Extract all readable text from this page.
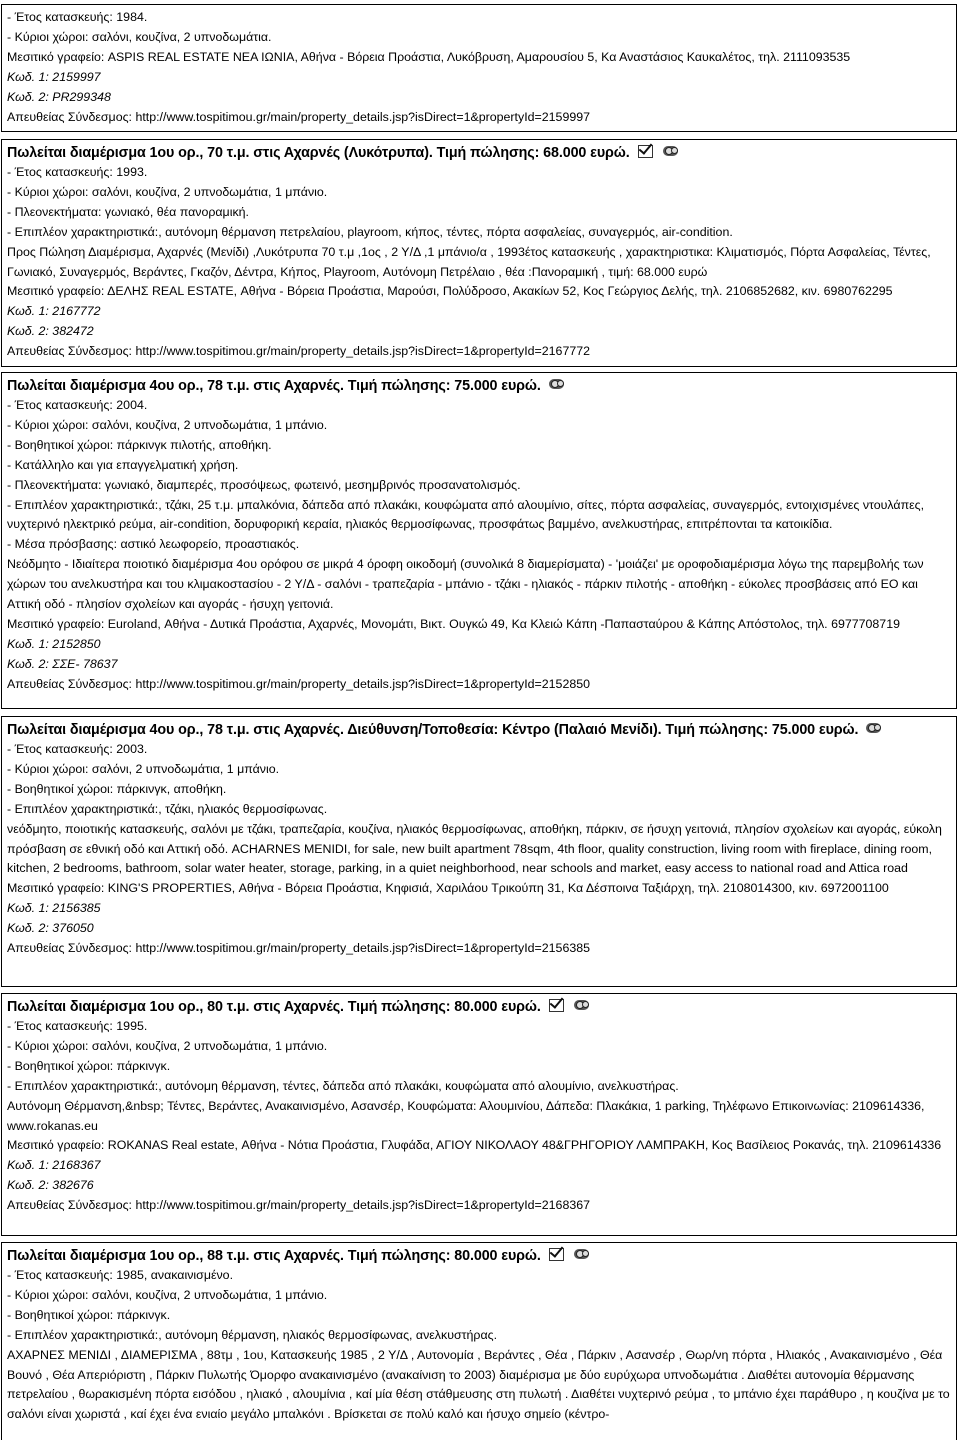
- Έτος κατασκευής: 1984.
- Κύριοι χώροι: σαλόνι, κουζίνα, 2 υπνοδωμάτια.
Μεσιτικό γραφείο: ASPIS REAL ESTATE ΝΕΑ ΙΩΝΙΑ, Αθήνα - Βόρεια Προάστια, Λυκόβρυση, Αμαρουσίου 5, Κα Αναστάσιος Καυκαλέτος, τηλ. 2111093535
Κωδ. 1: 2159997
Κωδ. 2: PR299348
Απευθείας Σύνδεσμος: http://www.tospitimou.gr/main/property_details.jsp?isDirect=1&propertyId=2159997
Πωλείται διαμέρισμα 1ου ορ., 70 τ.μ. στις Αχαρνές (Λυκότρυπα). Τιμή πώλησης: 68.000 ευρώ.
- Έτος κατασκευής: 1993.
- Κύριοι χώροι: σαλόνι, κουζίνα, 2 υπνοδωμάτια, 1 μπάνιο.
- Πλεονεκτήματα: γωνιακό, θέα πανοραμική.
- Επιπλέον χαρακτηριστικά:, αυτόνομη θέρμανση πετρελαίου, playroom, κήπος, τέντες, πόρτα ασφαλείας, συναγερμός, air-condition.
Προς Πώληση Διαμέρισμα, Αχαρνές (Μενίδι) ,Λυκότρυπα 70 τ.μ ,1ος , 2 Υ/Δ ,1 μπάνιο/α , 1993έτος κατασκευής , χαρακτηριστικα: Κλιματισμός, Πόρτα Ασφαλείας, Τέντες, Γωνιακό, Συναγερμός, Βεράντες, Γκαζόν, Δέντρα, Κήπος, Playroom, Αυτόνομη Πετρέλαιο , θέα :Πανοραμική , τιμή: 68.000 ευρώ
Μεσιτικό γραφείο: ΔΕΛΗΣ REAL ESTATE, Αθήνα - Βόρεια Προάστια, Μαρούσι, Πολύδροσο, Ακακίων 52, Κος Γεώργιος Δελής, τηλ. 2106852682, κιν. 6980762295
Κωδ. 1: 2167772
Κωδ. 2: 382472
Απευθείας Σύνδεσμος: http://www.tospitimou.gr/main/property_details.jsp?isDirect=1&propertyId=2167772
Πωλείται διαμέρισμα 4ου ορ., 78 τ.μ. στις Αχαρνές. Τιμή πώλησης: 75.000 ευρώ.
- Έτος κατασκευής: 2004.
- Κύριοι χώροι: σαλόνι, κουζίνα, 2 υπνοδωμάτια, 1 μπάνιο.
- Βοηθητικοί χώροι: πάρκινγκ πιλοτής, αποθήκη.
- Κατάλληλο και για επαγγελματική χρήση.
- Πλεονεκτήματα: γωνιακό, διαμπερές, προσόψεως, φωτεινό, μεσημβρινός προσανατολισμός.
- Επιπλέον χαρακτηριστικά:, τζάκι, 25 τ.μ. μπαλκόνια, δάπεδα από πλακάκι, κουφώματα από αλουμίνιο, σίτες, πόρτα ασφαλείας, συναγερμός, εντοιχισμένες ντουλάπες, νυχτερινό ηλεκτρικό ρεύμα, air-condition, δορυφορική κεραία, ηλιακός θερμοσίφωνας, προσφάτως βαμμένο, ανελκυστήρας, επιτρέπονται τα κατοικίδια.
- Μέσα πρόσβασης: αστικό λεωφορείο, προαστιακός.
Νεόδμητο - Ιδιαίτερα ποιοτικό διαμέρισμα 4ου ορόφου σε μικρά 4 όροφη οικοδομή (συνολικά 8 διαμερίσματα) - 'μοιάζει' με οροφοδιαμέρισμα λόγω της παρεμβολής των χώρων του ανελκυστήρα και του κλιμακοστασίου - 2 Υ/Δ - σαλόνι - τραπεζαρία - μπάνιο - τζάκι - ηλιακός - πάρκιν πιλοτής - αποθήκη - εύκολες προσβάσεις από ΕΟ και Αττική οδό - πλησίον σχολείων και αγοράς - ήσυχη γειτονιά.
Μεσιτικό γραφείο: Euroland, Αθήνα - Δυτικά Προάστια, Αχαρνές, Μονομάτι, Βικτ. Ουγκώ 49, Κα Κλειώ Κάπη -Παπασταύρου & Κάπης Απόστολος, τηλ. 6977708719
Κωδ. 1: 2152850
Κωδ. 2: ΣΣΕ- 78637
Απευθείας Σύνδεσμος: http://www.tospitimou.gr/main/property_details.jsp?isDirect=1&propertyId=2152850
Πωλείται διαμέρισμα 4ου ορ., 78 τ.μ. στις Αχαρνές. Διεύθυνση/Τοποθεσία: Κέντρο (Παλαιό Μενίδι). Τιμή πώλησης: 75.000 ευρώ.
- Έτος κατασκευής: 2003.
- Κύριοι χώροι: σαλόνι, 2 υπνοδωμάτια, 1 μπάνιο.
- Βοηθητικοί χώροι: πάρκινγκ, αποθήκη.
- Επιπλέον χαρακτηριστικά:, τζάκι, ηλιακός θερμοσίφωνας.
νεόδμητο, ποιοτικής κατασκευής, σαλόνι με τζάκι, τραπεζαρία, κουζίνα, ηλιακός θερμοσίφωνας, αποθήκη, πάρκιν, σε ήσυχη γειτονιά, πλησίον σχολείων και αγοράς, εύκολη πρόσβαση σε εθνική οδό και Αττική οδό. ACHARNES MENIDI, for sale, new built apartment 78sqm, 4th floor, quality construction, living room with fireplace, dining room, kitchen, 2 bedrooms, bathroom, solar water heater, storage, parking, in a quiet neighborhood, near schools and market, easy access to national road and Attica road
Μεσιτικό γραφείο: KING'S PROPERTIES, Αθήνα - Βόρεια Προάστια, Κηφισιά, Χαριλάου Τρικούπη 31, Κα Δέσποινα Ταξιάρχη, τηλ. 2108014300, κιν. 6972001100
Κωδ. 1: 2156385
Κωδ. 2: 376050
Απευθείας Σύνδεσμος: http://www.tospitimou.gr/main/property_details.jsp?isDirect=1&propertyId=2156385
Πωλείται διαμέρισμα 1ου ορ., 80 τ.μ. στις Αχαρνές. Τιμή πώλησης: 80.000 ευρώ.
- Έτος κατασκευής: 1995.
- Κύριοι χώροι: σαλόνι, κουζίνα, 2 υπνοδωμάτια, 1 μπάνιο.
- Βοηθητικοί χώροι: πάρκινγκ.
- Επιπλέον χαρακτηριστικά:, αυτόνομη θέρμανση, τέντες, δάπεδα από πλακάκι, κουφώματα από αλουμίνιο, ανελκυστήρας.
Αυτόνομη Θέρμανση,&nbsp; Τέντες, Βεράντες, Ανακαινισμένο, Ασανσέρ, Κουφώματα: Αλουμινίου, Δάπεδα: Πλακάκια, 1 parking, Τηλέφωνο Επικοινωνίας: 2109614336, www.rokanas.eu
Μεσιτικό γραφείο: ROKANAS Real estate, Αθήνα - Νότια Προάστια, Γλυφάδα, ΑΓΙΟΥ ΝΙΚΟΛΑΟΥ 48&ΓΡΗΓΟΡΙΟΥ ΛΑΜΠΡΑΚΗ, Κος Βασίλειος Ροκανάς, τηλ. 2109614336
Κωδ. 1: 2168367
Κωδ. 2: 382676
Απευθείας Σύνδεσμος: http://www.tospitimou.gr/main/property_details.jsp?isDirect=1&propertyId=2168367
Πωλείται διαμέρισμα 1ου ορ., 88 τ.μ. στις Αχαρνές. Τιμή πώλησης: 80.000 ευρώ.
- Έτος κατασκευής: 1985, ανακαινισμένο.
- Κύριοι χώροι: σαλόνι, κουζίνα, 2 υπνοδωμάτια, 1 μπάνιο.
- Βοηθητικοί χώροι: πάρκινγκ.
- Επιπλέον χαρακτηριστικά:, αυτόνομη θέρμανση, ηλιακός θερμοσίφωνας, ανελκυστήρας.
ΑΧΑΡΝΕΣ ΜΕΝΙΔΙ , ΔΙΑΜΕΡΙΣΜΑ , 88τμ , 1ου, Κατασκευής 1985 , 2 Υ/Δ , Αυτονομία , Βεράντες , Θέα , Πάρκιν , Ασανσέρ , Θωρ/νη πόρτα , Ηλιακός , Ανακαινισμένο , Θέα Βουνό , Θέα Απεριόριστη , Πάρκιν Πυλωτής Όμορφο ανακαινισμένο (ανακαίνιση το 2003) διαμέρισμα με δύο ευρύχωρα υπνοδωμάτια . Διαθέτει αυτονομία θέρμανσης πετρελαίου , θωρακισμένη πόρτα εισόδου , ηλιακό , αλουμίνια , καί μία θέση στάθμευσης στη πυλωτή . Διαθέτει νυχτερινό ρεύμα , το μπάνιο έχει παράθυρο , η κουζίνα με το σαλόνι είναι χωριστά , καί έχει ένα ενιαίο μεγάλο μπαλκόνι . Βρίσκεται σε πολύ καλό και ήσυχο σημείο (κέντρο-
